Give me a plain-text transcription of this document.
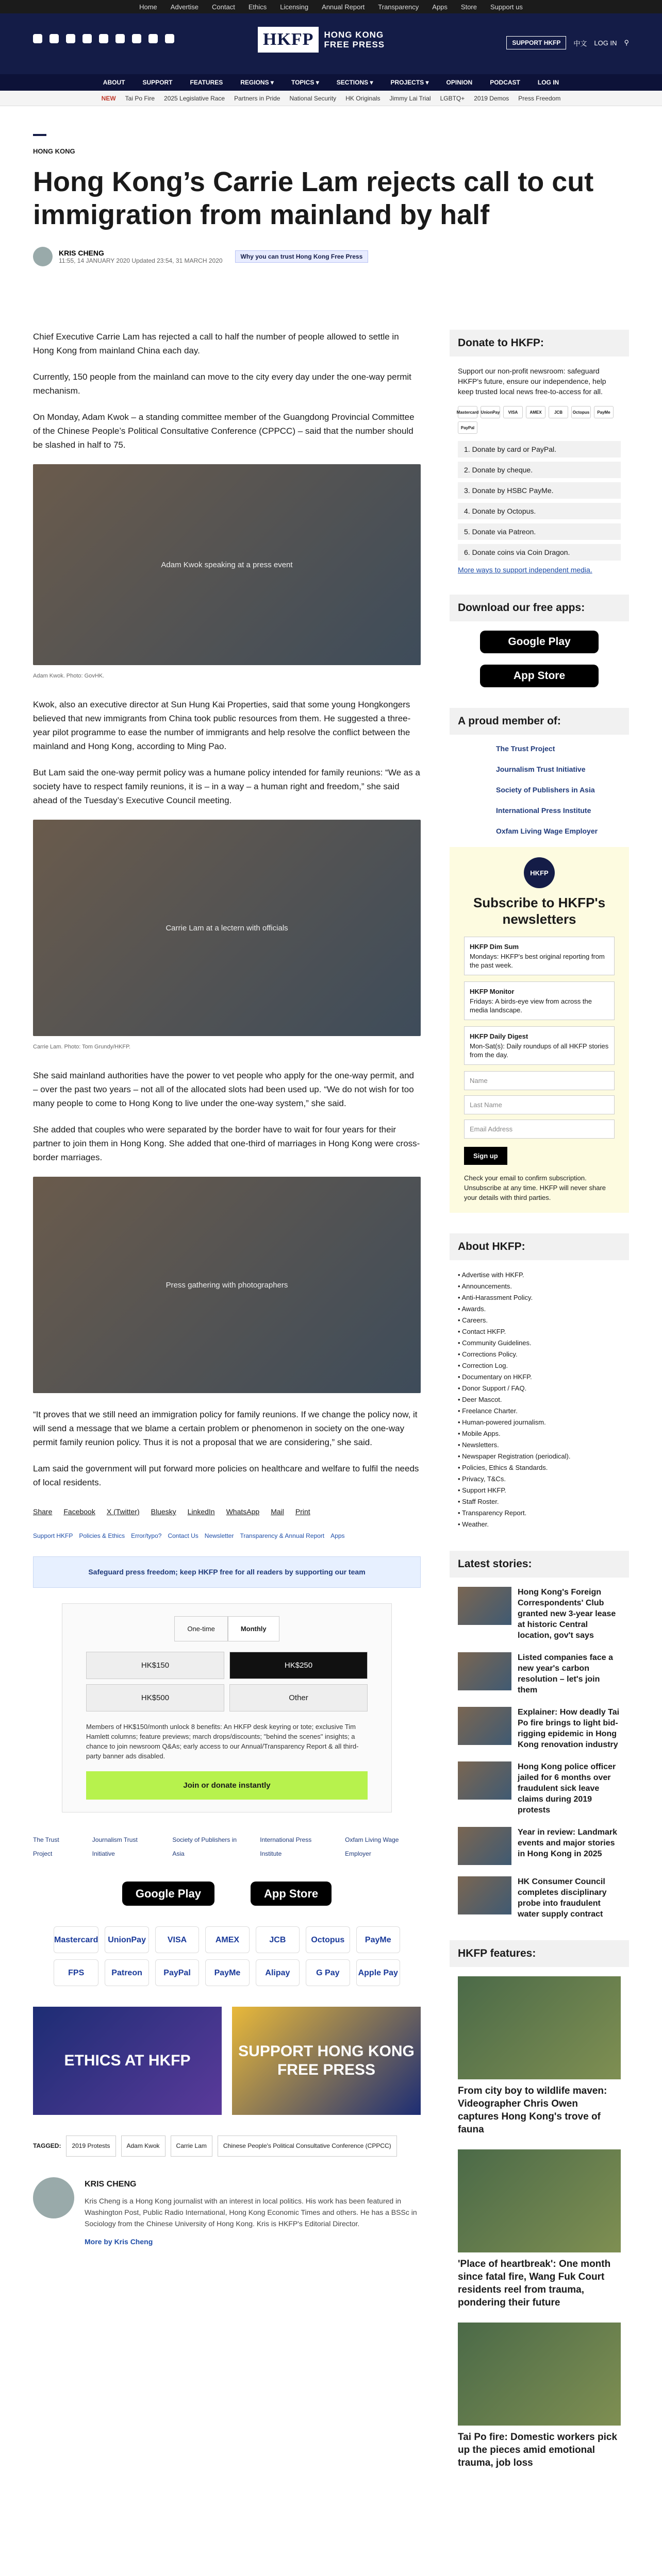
Home Advertise Contact Ethics Licensing Annual Report Transparency Apps Store Support us
HKFP	HONG KONG
FREE PRESS	SUPPORT HKFP	中文 LOG IN ⚲
ABOUT	SUPPORT	FEATURES	REGIONS ▾	TOPICS ▾	SECTIONS ▾	PROJECTS ▾	OPINION	PODCAST	LOG IN
NEW Tai Po Fire 2025 Legislative Race Partners in Pride National Security HK Originals Jimmy Lai Trial LGBTQ+ 2019 Demos Press Freedom
HONG KONG
Hong Kong’s Carrie Lam rejects call to cut immigration from mainland by half
KRIS CHENG
11:55, 14 JANUARY 2020 Updated 23:54, 31 MARCH 2020
Why you can trust Hong Kong Free Press

Chief Executive Carrie Lam has rejected a call to half the number of people allowed to settle in Hong Kong from mainland China each day.

Currently, 150 people from the mainland can move to the city every day under the one-way permit mechanism.

On Monday, Adam Kwok – a standing committee member of the Guangdong Provincial Committee of the Chinese People’s Political Consultative Conference (CPPCC) – said that the number should be slashed in half to 75.

Adam Kwok speaking at a press event
Adam Kwok. Photo: GovHK.

Kwok, also an executive director at Sun Hung Kai Properties, said that some young Hongkongers believed that new immigrants from China took public resources from them. He suggested a three-year pilot programme to ease the number of immigrants and help resolve the conflict between the mainland and Hong Kong, according to Ming Pao.

But Lam said the one-way permit policy was a humane policy intended for family reunions: “We as a society have to respect family reunions, it is – in a way – a human right and freedom,” she said ahead of the Tuesday’s Executive Council meeting.

Carrie Lam at a lectern with officials
Carrie Lam. Photo: Tom Grundy/HKFP.

She said mainland authorities have the power to vet people who apply for the one-way permit, and – over the past two years – not all of the allocated slots had been used up. “We do not wish for too many people to come to Hong Kong to live under the one-way system,” she said.

She added that couples who were separated by the border have to wait for four years for their partner to join them in Hong Kong. She added that one-third of marriages in Hong Kong were cross-border marriages.

Press gathering with photographers

“It proves that we still need an immigration policy for family reunions. If we change the policy now, it will send a message that we blame a certain problem or phenomenon in society on the one-way permit family reunion policy. Thus it is not a proposal that we are considering,” she said.

Lam said the government will put forward more policies on healthcare and welfare to fulfil the needs of local residents.

Share Facebook X (Twitter) Bluesky LinkedIn WhatsApp Mail Print
Support HKFP Policies & Ethics Error/typo? Contact Us Newsletter Transparency & Annual Report Apps
Safeguard press freedom; keep HKFP free for all readers by supporting our team
One-time	Monthly
HK$150	HK$250
HK$500	Other
Members of HK$150/month unlock 8 benefits: An HKFP desk keyring or tote; exclusive Tim Hamlett columns; feature previews; march drops/discounts; "behind the scenes" insights; a chance to join newsroom Q&As; early access to our Annual/Transparency Report & all third-party banner ads disabled.
Join or donate instantly
The Trust Project
Journalism Trust Initiative
Society of Publishers in Asia
International Press Institute
Oxfam Living Wage Employer
Google Play	App Store
Mastercard	UnionPay	VISA	AMEX	JCB	Octopus	PayMe
FPS	Patreon	PayPal	PayMe	Alipay	G Pay	Apple Pay
ETHICS AT HKFP
SUPPORT HONG KONG FREE PRESS
TAGGED:	2019 Protests	Adam Kwok	Carrie Lam	Chinese People's Political Consultative Conference (CPPCC)
KRIS CHENG

Kris Cheng is a Hong Kong journalist with an interest in local politics. His work has been featured in Washington Post, Public Radio International, Hong Kong Economic Times and others. He has a BSSc in Sociology from the Chinese University of Hong Kong. Kris is HKFP's Editorial Director.

More by Kris Cheng
Donate to HKFP:

Support our non-profit newsroom: safeguard HKFP's future, ensure our independence, help keep trusted local news free-to-access for all.

Mastercard UnionPay	VISA	AMEX	JCB	Octopus	PayMe
PayPal
1. Donate by card or PayPal.
2. Donate by cheque.
3. Donate by HSBC PayMe.
4. Donate by Octopus.
5. Donate via Patreon.
6. Donate coins via Coin Dragon.
More ways to support independent media.
Download our free apps:
Google Play
App Store
A proud member of:
The Trust Project
Journalism Trust Initiative
Society of Publishers in Asia
International Press Institute
Oxfam Living Wage Employer
HKFP
Subscribe to HKFP's newsletters
HKFP Dim Sum
Mondays: HKFP's best original reporting from the past week.
HKFP Monitor
Fridays: A birds-eye view from across the media landscape.
HKFP Daily Digest
Mon-Sat(s): Daily roundups of all HKFP stories from the day.
Name
Last Name
Email Address
Sign up

Check your email to confirm subscription. Unsubscribe at any time. HKFP will never share your details with third parties.

About HKFP:
• Advertise with HKFP.
• Announcements.
• Anti-Harassment Policy.
• Awards.
• Careers.
• Contact HKFP.
• Community Guidelines.
• Corrections Policy.
• Correction Log.
• Documentary on HKFP.
• Donor Support / FAQ.
• Deer Mascot.
• Freelance Charter.
• Human-powered journalism.
• Mobile Apps.
• Newsletters.
• Newspaper Registration (periodical).
• Policies, Ethics & Standards.
• Privacy, T&Cs.
• Support HKFP.
• Staff Roster.
• Transparency Report.
• Weather.
Latest stories:
Hong Kong's Foreign Correspondents' Club granted new 3-year lease at historic Central location, gov't says
Listed companies face a new year's carbon resolution – let's join them
Explainer: How deadly Tai Po fire brings to light bid-rigging epidemic in Hong Kong renovation industry
Hong Kong police officer jailed for 6 months over fraudulent sick leave claims during 2019 protests
Year in review: Landmark events and major stories in Hong Kong in 2025
HK Consumer Council completes disciplinary probe into fraudulent water supply contract
HKFP features:
From city boy to wildlife maven: Videographer Chris Owen captures Hong Kong's trove of fauna
'Place of heartbreak': One month since fatal fire, Wang Fuk Court residents reel from trauma, pondering their future
Tai Po fire: Domestic workers pick up the pieces amid emotional trauma, job loss
